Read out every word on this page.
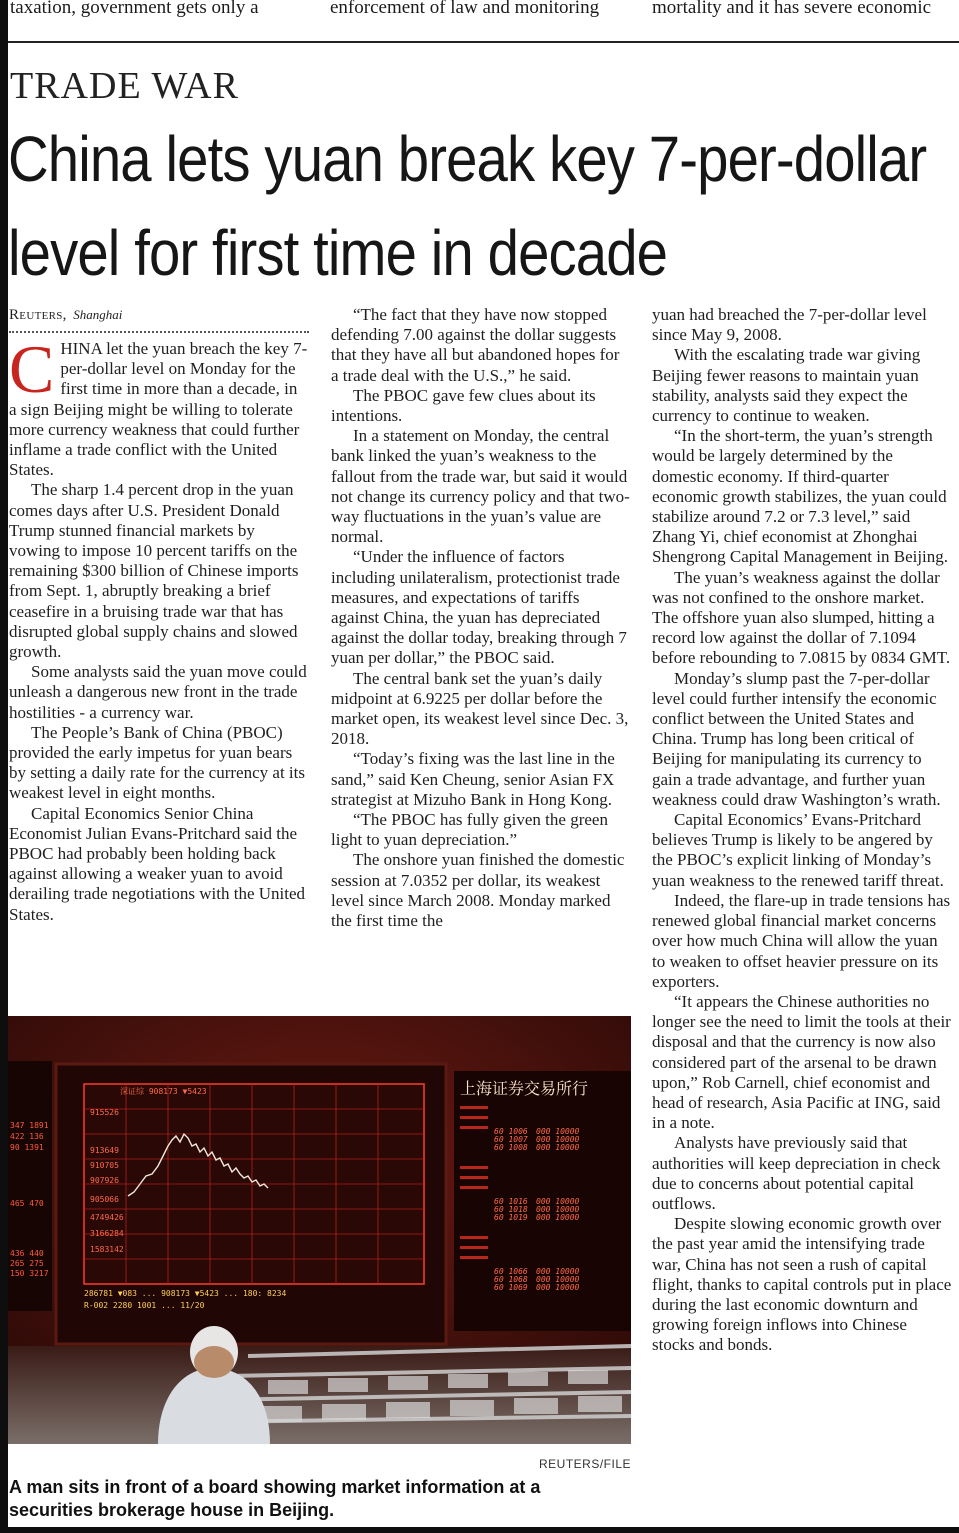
taxation, government gets only a	enforcement of law and monitoring	mortality and it has severe economic
TRADE WAR
China lets yuan break key 7-per-dollar
level for first time in decade
Reuters, Shanghai

CHINA let the yuan breach the key 7-per-dollar level on Monday for the first time in more than a decade, in a sign Beijing might be willing to tolerate more currency weakness that could further inflame a trade conflict with the United States.

The sharp 1.4 percent drop in the yuan comes days after U.S. President Donald Trump stunned financial markets by vowing to impose 10 percent tariffs on the remaining $300 billion of Chinese imports from Sept. 1, abruptly breaking a brief ceasefire in a bruising trade war that has disrupted global supply chains and slowed growth.

Some analysts said the yuan move could unleash a dangerous new front in the trade hostilities - a currency war.

The People’s Bank of China (PBOC) provided the early impetus for yuan bears by setting a daily rate for the currency at its weakest level in eight months.

Capital Economics Senior China Economist Julian Evans-Pritchard said the PBOC had probably been holding back against allowing a weaker yuan to avoid derailing trade negotiations with the United States.

“The fact that they have now stopped defending 7.00 against the dollar suggests that they have all but abandoned hopes for a trade deal with the U.S.,” he said.

The PBOC gave few clues about its intentions.

In a statement on Monday, the central bank linked the yuan’s weakness to the fallout from the trade war, but said it would not change its currency policy and that two-way fluctuations in the yuan’s value are normal.

“Under the influence of factors including unilateralism, protectionist trade measures, and expectations of tariffs against China, the yuan has depreciated against the dollar today, breaking through 7 yuan per dollar,” the PBOC said.

The central bank set the yuan’s daily midpoint at 6.9225 per dollar before the market open, its weakest level since Dec. 3, 2018.

“Today’s fixing was the last line in the sand,” said Ken Cheung, senior Asian FX strategist at Mizuho Bank in Hong Kong.

“The PBOC has fully given the green light to yuan depreciation.”

The onshore yuan finished the domestic session at 7.0352 per dollar, its weakest level since March 2008. Monday marked the first time the

yuan had breached the 7-per-dollar level since May 9, 2008.

With the escalating trade war giving Beijing fewer reasons to maintain yuan stability, analysts said they expect the currency to continue to weaken.

“In the short-term, the yuan’s strength would be largely determined by the domestic economy. If third-quarter economic growth stabilizes, the yuan could stabilize around 7.2 or 7.3 level,” said Zhang Yi, chief economist at Zhonghai Shengrong Capital Management in Beijing.

The yuan’s weakness against the dollar was not confined to the onshore market. The offshore yuan also slumped, hitting a record low against the dollar of 7.1094 before rebounding to 7.0815 by 0834 GMT.

Monday’s slump past the 7-per-dollar level could further intensify the economic conflict between the United States and China. Trump has long been critical of Beijing for manipulating its currency to gain a trade advantage, and further yuan weakness could draw Washington’s wrath.

Capital Economics’ Evans-Pritchard believes Trump is likely to be angered by the PBOC’s explicit linking of Monday’s yuan weakness to the renewed tariff threat.

Indeed, the flare-up in trade tensions has renewed global financial market concerns over how much China will allow the yuan to weaken to offset heavier pressure on its exporters.

“It appears the Chinese authorities no longer see the need to limit the tools at their disposal and that the currency is now also considered part of the arsenal to be drawn upon,” Rob Carnell, chief economist and head of research, Asia Pacific at ING, said in a note.

Analysts have previously said that authorities will keep depreciation in check due to concerns about potential capital outflows.

Despite slowing economic growth over the past year amid the intensifying trade war, China has not seen a rush of capital flight, thanks to capital controls put in place during the last economic downturn and growing foreign inflows into Chinese stocks and bonds.

347 1891
422 136
90 1391
465 470
436 440
265 275
150 3217
深证综 908173 ▼5423
915526
913649
910705
907926
905066
4749426
3166284
1583142
286781 ▼083 ... 908173 ▼5423 ... 180: 8234
R-002 2280 1001 ... 11/20
上海证券交易所行
60 1006
60 1007
60 1008
60 1016
60 1018
60 1019
60 1066
60 1068
60 1069
000 10000
000 10000
000 10000
000 10000
000 10000
000 10000
000 10000
000 10000
000 10000
REUTERS/FILE
A man sits in front of a board showing market information at a securities brokerage house in Beijing.
